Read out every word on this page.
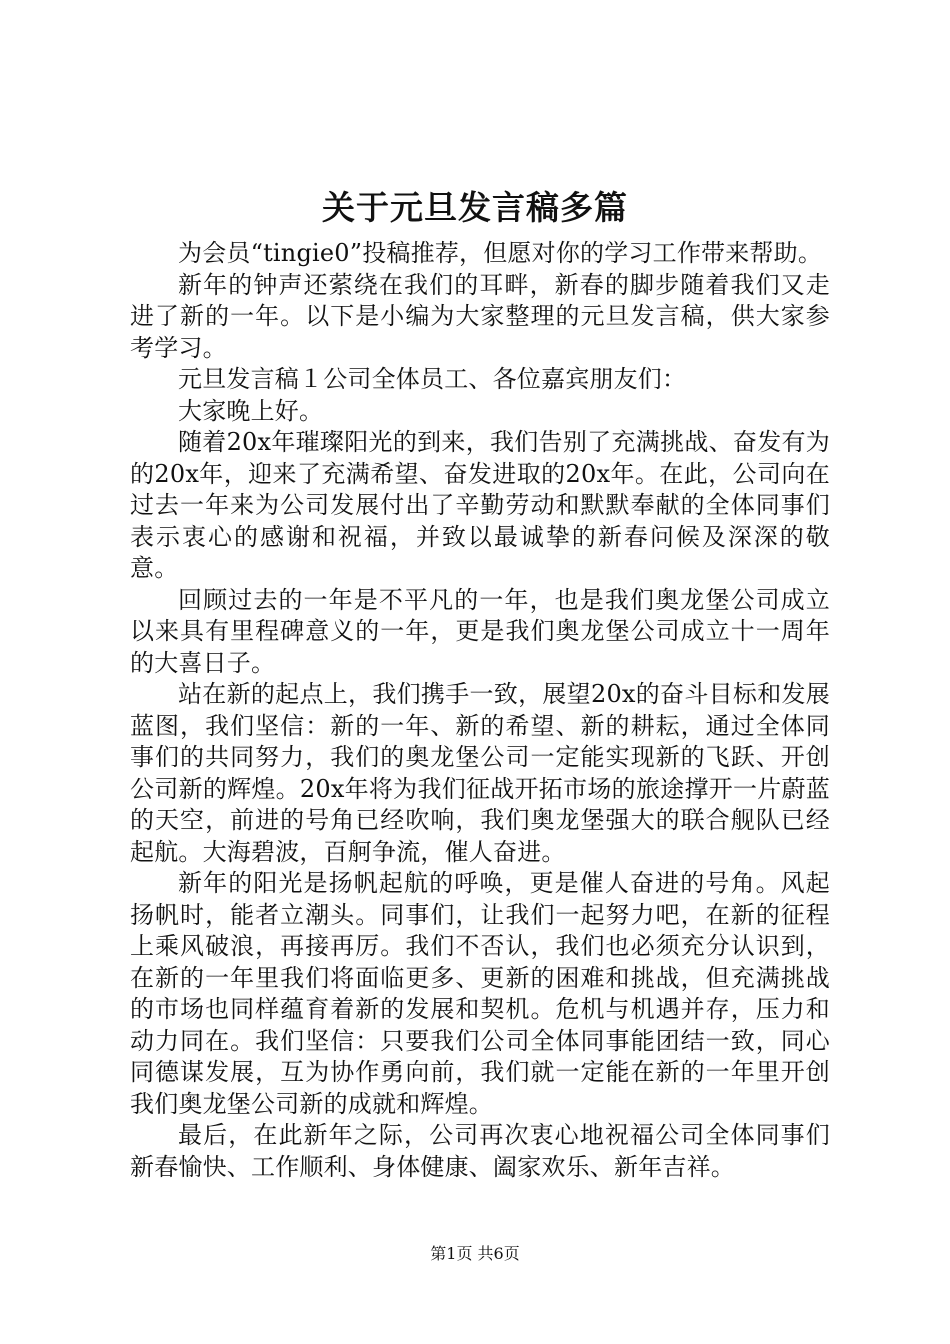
关于元旦发言稿多篇

为会员“tingie0”投稿推荐，但愿对你的学习工作带来帮助。

新年的钟声还萦绕在我们的耳畔，新春的脚步随着我们又走进了新的一年。以下是小编为大家整理的元旦发言稿，供大家参考学习。

元旦发言稿１公司全体员工、各位嘉宾朋友们：

大家晚上好。

随着20x年璀璨阳光的到来，我们告别了充满挑战、奋发有为的20x年，迎来了充满希望、奋发进取的20x年。在此，公司向在过去一年来为公司发展付出了辛勤劳动和默默奉献的全体同事们表示衷心的感谢和祝福，并致以最诚挚的新春问候及深深的敬意。

回顾过去的一年是不平凡的一年，也是我们奥龙堡公司成立以来具有里程碑意义的一年，更是我们奥龙堡公司成立十一周年的大喜日子。

站在新的起点上，我们携手一致，展望20x的奋斗目标和发展蓝图，我们坚信：新的一年、新的希望、新的耕耘，通过全体同事们的共同努力，我们的奥龙堡公司一定能实现新的飞跃、开创公司新的辉煌。20x年将为我们征战开拓市场的旅途撑开一片蔚蓝的天空，前进的号角已经吹响，我们奥龙堡强大的联合舰队已经起航。大海碧波，百舸争流，催人奋进。

新年的阳光是扬帆起航的呼唤，更是催人奋进的号角。风起扬帆时，能者立潮头。同事们，让我们一起努力吧，在新的征程上乘风破浪，再接再厉。我们不否认，我们也必须充分认识到，在新的一年里我们将面临更多、更新的困难和挑战，但充满挑战的市场也同样蕴育着新的发展和契机。危机与机遇并存，压力和动力同在。我们坚信：只要我们公司全体同事能团结一致，同心同德谋发展，互为协作勇向前，我们就一定能在新的一年里开创我们奥龙堡公司新的成就和辉煌。

最后，在此新年之际，公司再次衷心地祝福公司全体同事们新春愉快、工作顺利、身体健康、阖家欢乐、新年吉祥。

第1页 共6页
